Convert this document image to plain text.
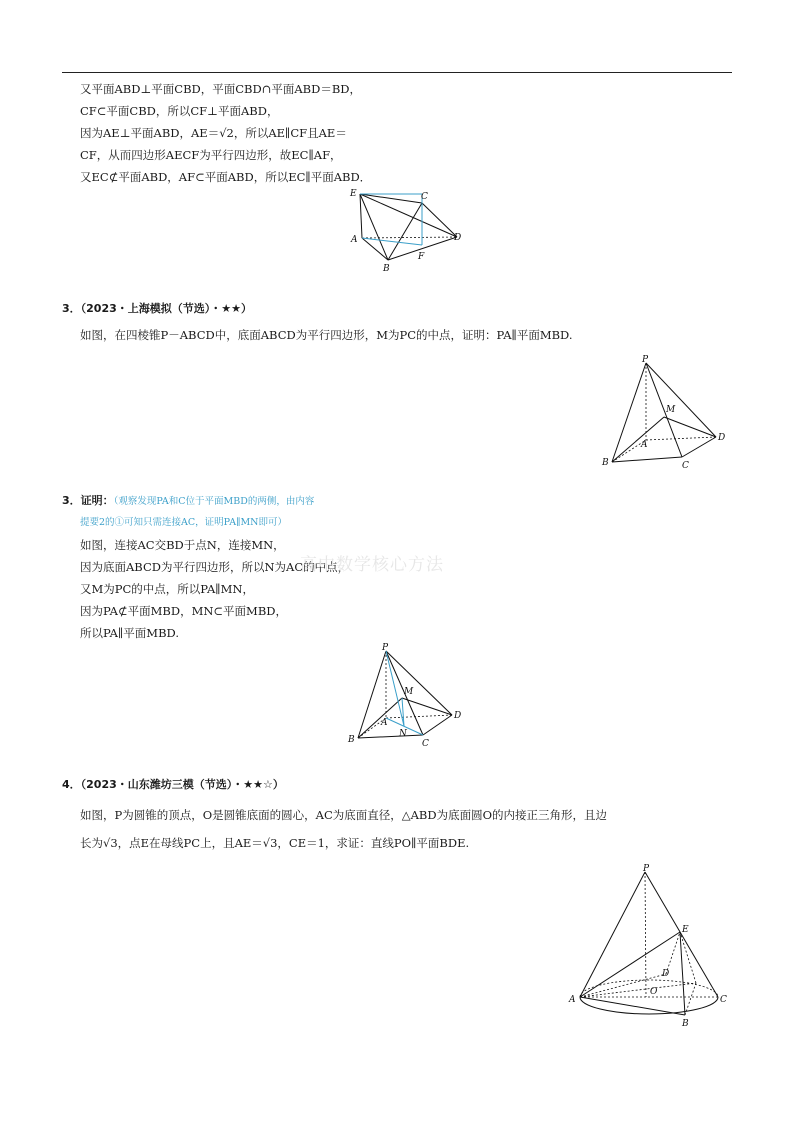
又平面ABD⊥平面CBD，平面CBD∩平面ABD＝BD，
CF⊂平面CBD，所以CF⊥平面ABD，
因为AE⊥平面ABD，AE＝√2，所以AE∥CF且AE＝
CF，从而四边形AECF为平行四边形，故EC∥AF，
又EC⊄平面ABD，AF⊂平面ABD，所以EC∥平面ABD．
E	C
A	D
B
F
3．（2023・上海模拟（节选）・★★）
如图，在四棱锥P－ABCD中，底面ABCD为平行四边形，M为PC的中点，证明：PA∥平面MBD.
P
M
A
D
B	C
3．证明：（观察发现PA和C位于平面MBD的两侧，由内容
提要2的①可知只需连接AC，证明PA∥MN即可）
如图，连接AC交BD于点N，连接MN，
因为底面ABCD为平行四边形，所以N为AC的中点，
又M为PC的中点，所以PA∥MN，
因为PA⊄平面MBD，MN⊂平面MBD，
所以PA∥平面MBD.
高中数学核心方法
P
M
A
D
B
N
C
4．（2023・山东潍坊三模（节选）・★★☆）
如图，P为圆锥的顶点，O是圆锥底面的圆心，AC为底面直径，△ABD为底面圆O的内接正三角形，且边
长为√3，点E在母线PC上，且AE＝√3，CE＝1，求证：直线PO∥平面BDE.
P
E
D
O
A	C
B
